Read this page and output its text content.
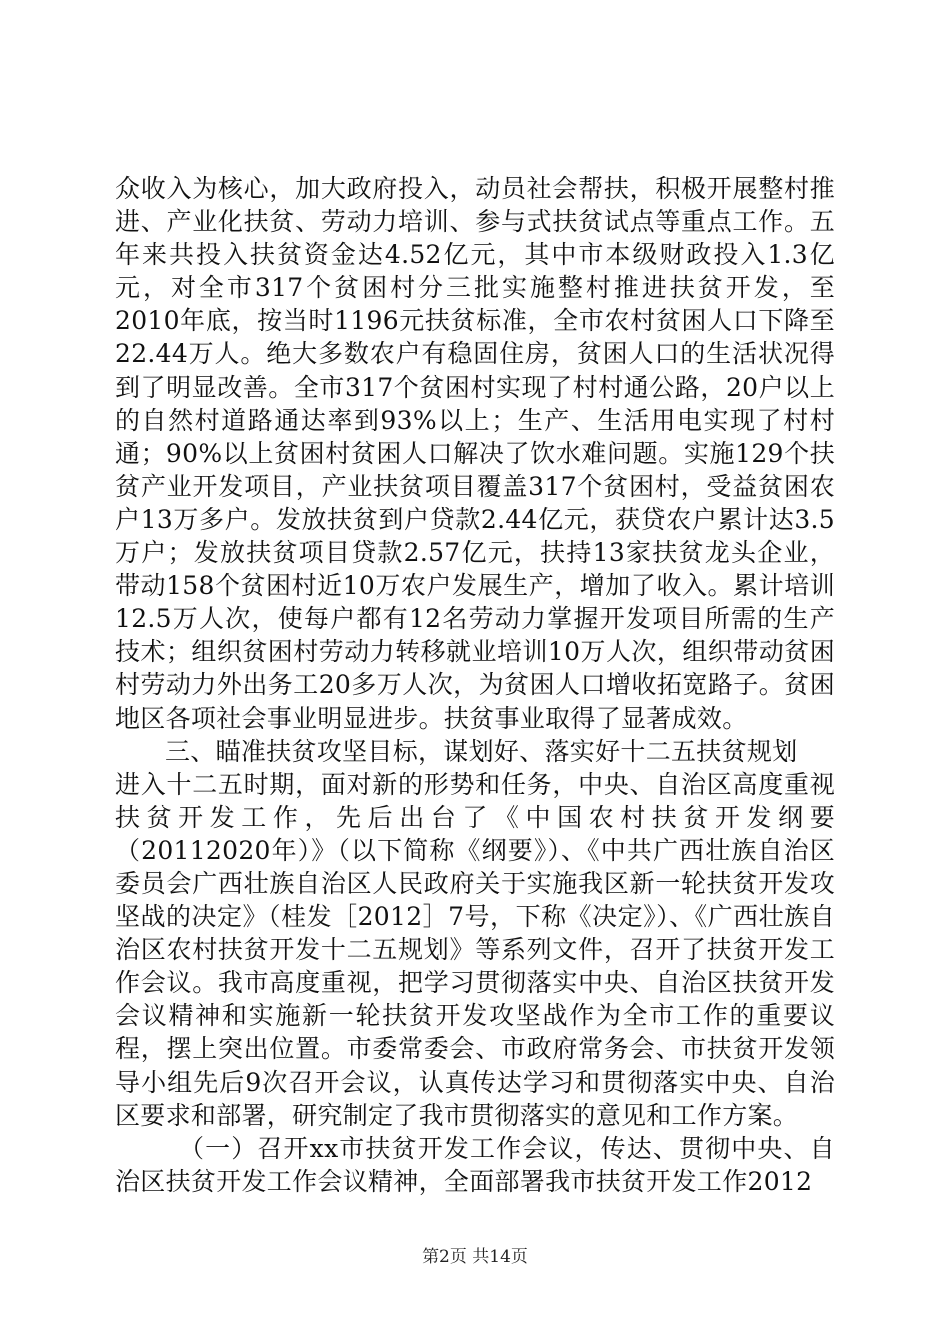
众收入为核心，加大政府投入，动员社会帮扶，积极开展整村推进、产业化扶贫、劳动力培训、参与式扶贫试点等重点工作。五年来共投入扶贫资金达4.52亿元，其中市本级财政投入1.3亿元，对全市317个贫困村分三批实施整村推进扶贫开发，至2010年底，按当时1196元扶贫标准，全市农村贫困人口下降至22.44万人。绝大多数农户有稳固住房，贫困人口的生活状况得到了明显改善。全市317个贫困村实现了村村通公路，20户以上的自然村道路通达率到93%以上；生产、生活用电实现了村村通；90%以上贫困村贫困人口解决了饮水难问题。实施129个扶贫产业开发项目，产业扶贫项目覆盖317个贫困村，受益贫困农户13万多户。发放扶贫到户贷款2.44亿元，获贷农户累计达3.5万户；发放扶贫项目贷款2.57亿元，扶持13家扶贫龙头企业，带动158个贫困村近10万农户发展生产，增加了收入。累计培训12.5万人次，使每户都有12名劳动力掌握开发项目所需的生产技术；组织贫困村劳动力转移就业培训10万人次，组织带动贫困村劳动力外出务工20多万人次，为贫困人口增收拓宽路子。贫困地区各项社会事业明显进步。扶贫事业取得了显著成效。

三、瞄准扶贫攻坚目标，谋划好、落实好十二五扶贫规划

进入十二五时期，面对新的形势和任务，中央、自治区高度重视扶贫开发工作，先后出台了《中国农村扶贫开发纲要（20112020年）》（以下简称《纲要》）、《中共广西壮族自治区委员会广西壮族自治区人民政府关于实施我区新一轮扶贫开发攻坚战的决定》（桂发［2012］7号，下称《决定》）、《广西壮族自治区农村扶贫开发十二五规划》等系列文件，召开了扶贫开发工作会议。我市高度重视，把学习贯彻落实中央、自治区扶贫开发会议精神和实施新一轮扶贫开发攻坚战作为全市工作的重要议程，摆上突出位置。市委常委会、市政府常务会、市扶贫开发领导小组先后9次召开会议，认真传达学习和贯彻落实中央、自治区要求和部署，研究制定了我市贯彻落实的意见和工作方案。

（一）召开xx市扶贫开发工作会议，传达、贯彻中央、自治区扶贫开发工作会议精神，全面部署我市扶贫开发工作2012

第2页 共14页
